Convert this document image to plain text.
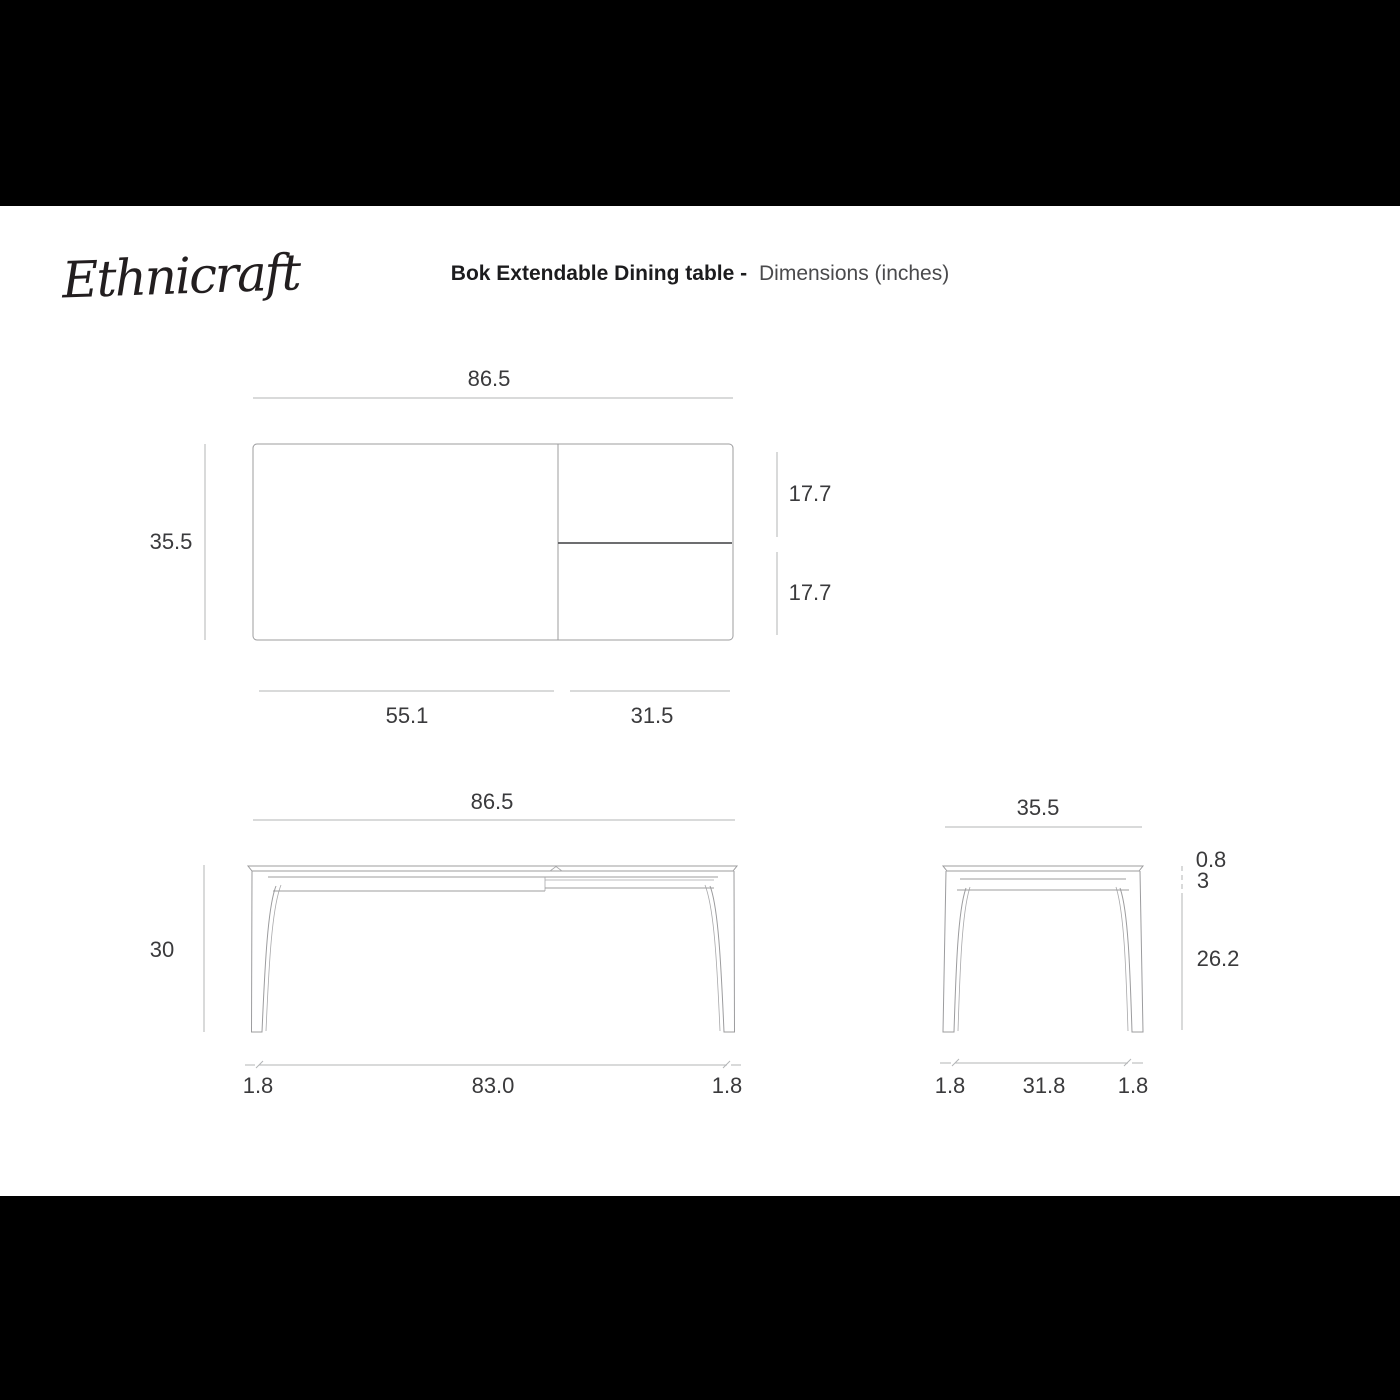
Ethnicraft	Bok Extendable Dining table - Dimensions (inches)
86.5
35.5
17.7
17.7
55.1	31.5
86.5
30
1.8	83.0	1.8
35.5
0.8
3
26.2
1.8	31.8 1.8
